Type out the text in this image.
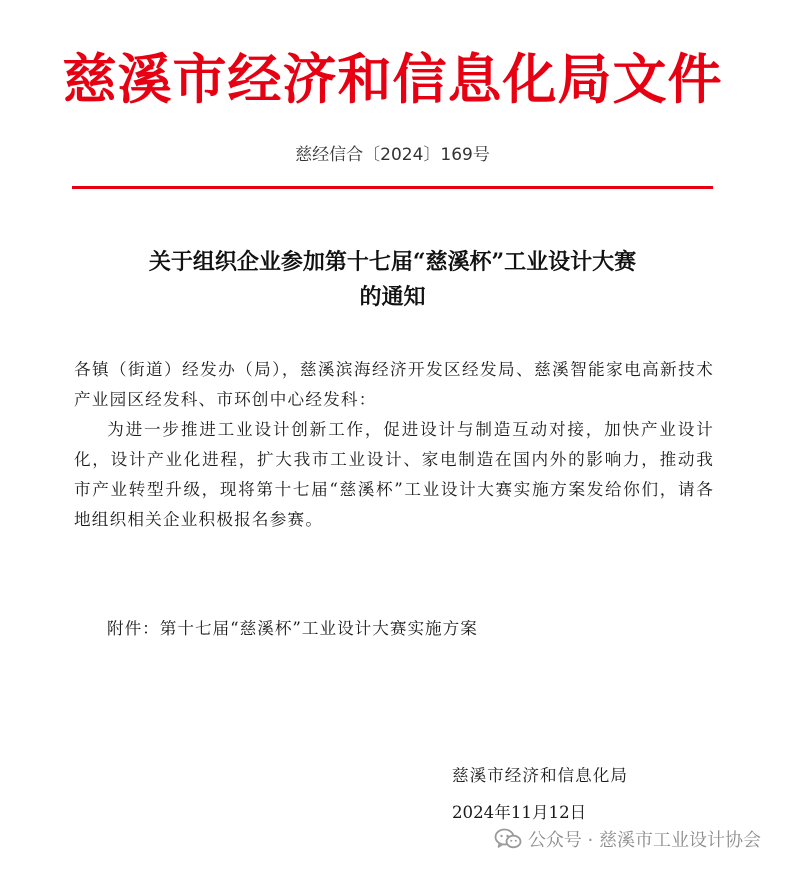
慈溪市经济和信息化局文件
慈经信合〔2024〕169号
关于组织企业参加第十七届“慈溪杯”工业设计大赛
的通知

各镇（街道）经发办（局），慈溪滨海经济开发区经发局、慈溪智能家电高新技术产业园区经发科、市环创中心经发科：

为进一步推进工业设计创新工作，促进设计与制造互动对接，加快产业设计化，设计产业化进程，扩大我市工业设计、家电制造在国内外的影响力，推动我市产业转型升级，现将第十七届“慈溪杯”工业设计大赛实施方案发给你们，请各地组织相关企业积极报名参赛。

附件：第十七届“慈溪杯”工业设计大赛实施方案
慈溪市经济和信息化局
2024年11月12日
公众号 · 慈溪市工业设计协会
